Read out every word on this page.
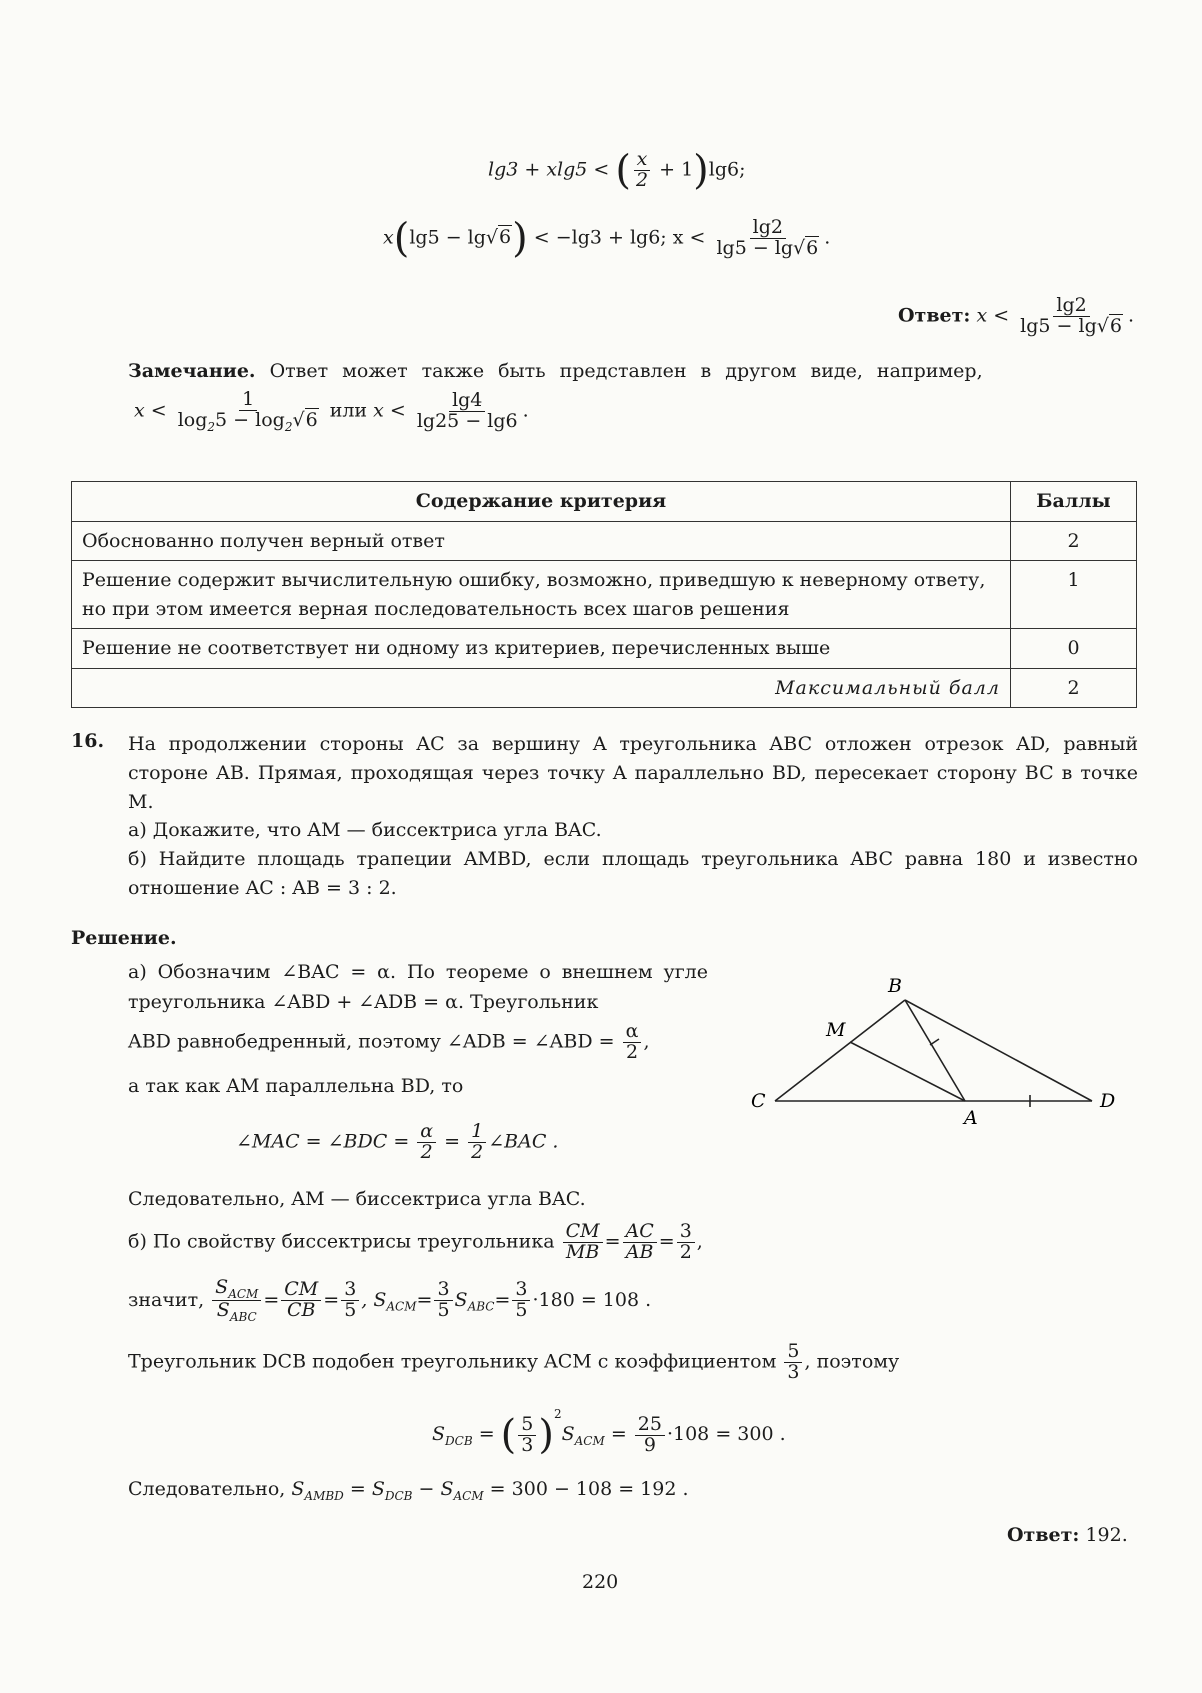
lg3 + xlg5 < ( $\frac{x}{2} + 1)\lg 6$;
x(lg5 − lg√6) < −lg3 + lg6; $x < \frac{\lg 2}{\lg 5 - \lg√6}$ .
Ответ: $x < \frac{\lg 2}{\lg 5 - \lg√6}$ .
Замечание. Ответ может также быть представлен в другом виде, например,
$x < \frac{1}{\log_25 - \log_2√6}$ или $x < \frac{\lg 4}{\lg 25 - \lg 6}$ .
Содержание критерия	Баллы
Обоснованно получен верный ответ	2
Решение содержит вычислительную ошибку, возможно, приведшую к неверному ответу, но при этом имеется верная последовательность всех шагов решения	1
Решение не соответствует ни одному из критериев, перечисленных выше	0
Максимальный балл	2
16. На продолжении стороны AC за вершину A треугольника ABC отложен отрезок AD, равный стороне AB. Прямая, проходящая через точку A параллельно BD, пересекает сторону BC в точке M.
а) Докажите, что AM — биссектриса угла BAC.
б) Найдите площадь трапеции AMBD, если площадь треугольника ABC равна 180 и известно отношение AC : AB = 3 : 2.
Решение.
а) Обозначим ∠BAC = α. По теореме о внешнем угле треугольника ∠ABD + ∠ADB = α. Треугольник
ABD равнобедренный, поэтому ∠ADB = ∠ABD = $\frac{\alpha}{2}$ ,
а так как AM параллельна BD, то
∠MAC = ∠BDC = $\frac{\alpha}{2} = \frac{1}{2}$ ∠BAC .
Следовательно, AM — биссектриса угла BAC.
б) По свойству биссектрисы треугольника $\frac{CM}{MB} = \frac{AC}{AB} = \frac{3}{2}$ ,
значит, $\frac{S_{ACM}}{S_{ABC}} = \frac{CM}{CB} = \frac{3}{5}$ , $S_{ACM}= \frac{3}{5} S_{ABC}= \frac{3}{5} \cdot 180 = 108$ .
Треугольник DCB подобен треугольнику ACM с коэффициентом $\frac{5}{3}$ , поэтому
$S_{DCB}$ = ( $\frac{5}{3} )^2S_{ACM} = \frac{25}{9} \cdot 108 = 300$ .
Следовательно, $S_{AMBD} = S_{DCB} - S_{ACM} = 300 - 108 = 192$ .
Ответ: 192.
B
M
C
A
D
220
